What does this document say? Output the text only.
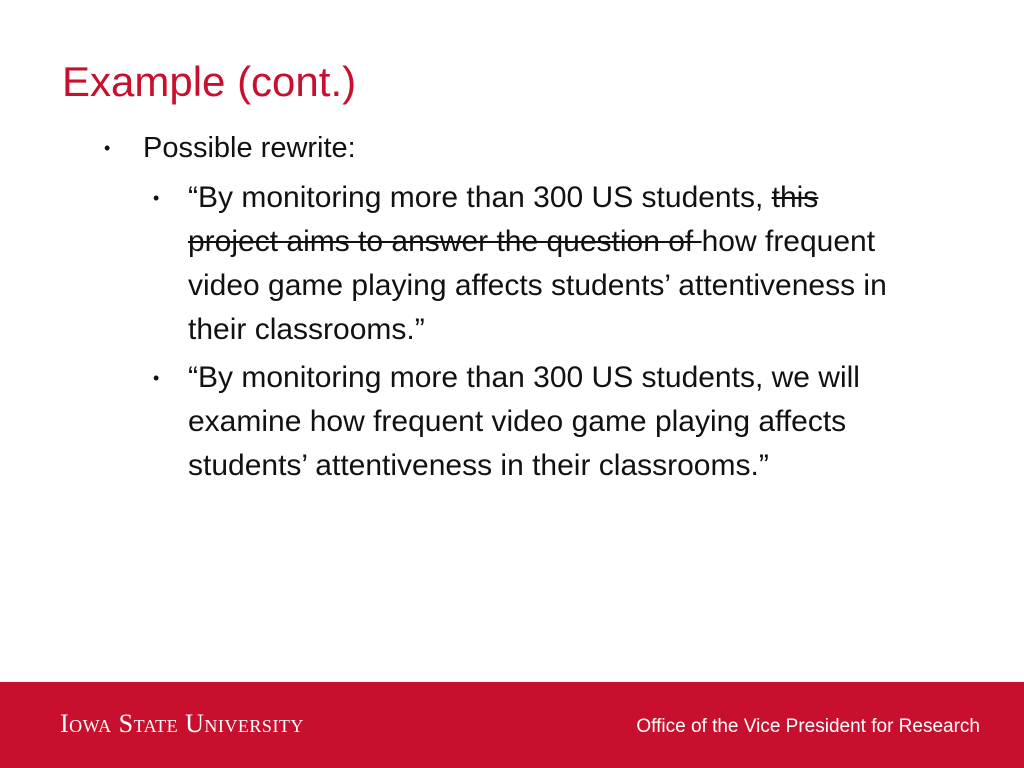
Example (cont.)

• Possible rewrite:

• “By monitoring more than 300 US students, this project aims to answer the question of how frequent video game playing affects students’ attentiveness in their classrooms.”

• “By monitoring more than 300 US students, we will examine how frequent video game playing affects students’ attentiveness in their classrooms.”

Iowa State University	Office of the Vice President for Research
